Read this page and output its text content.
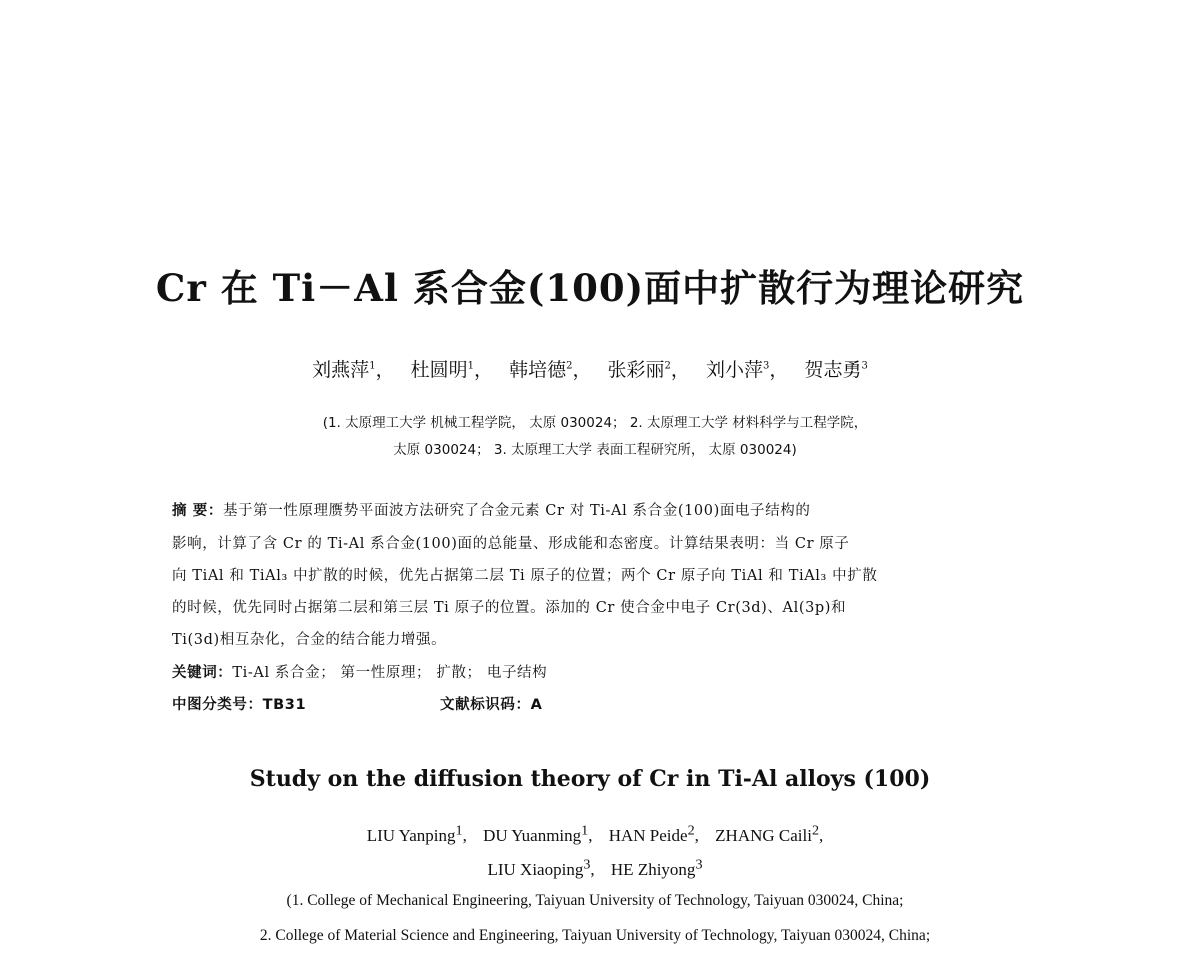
Cr 在 Ti－Al 系合金(100)面中扩散行为理论研究
刘燕萍$^1$， 杜圆明$^1$， 韩培德$^2$， 张彩丽$^2$， 刘小萍$^3$， 贺志勇$^3$
(1. 太原理工大学 机械工程学院， 太原 030024； 2. 太原理工大学 材料科学与工程学院，
太原 030024； 3. 太原理工大学 表面工程研究所， 太原 030024)
摘 要：基于第一性原理赝势平面波方法研究了合金元素 Cr 对 Ti-Al 系合金(100)面电子结构的
影响，计算了含 Cr 的 Ti-Al 系合金(100)面的总能量、形成能和态密度。计算结果表明：当 Cr 原子
向 TiAl 和 TiAl₃ 中扩散的时候，优先占据第二层 Ti 原子的位置；两个 Cr 原子向 TiAl 和 TiAl₃ 中扩散
的时候，优先同时占据第二层和第三层 Ti 原子的位置。添加的 Cr 使合金中电子 Cr(3d)、Al(3p)和
Ti(3d)相互杂化，合金的结合能力增强。
关键词：Ti-Al 系合金； 第一性原理； 扩散； 电子结构
中图分类号：TB31	文献标识码：A
Study on the diffusion theory of Cr in Ti-Al alloys (100)
LIU Yanping$^1$, DU Yuanming$^1$, HAN Peide$^2$, ZHANG Caili$^2$,
LIU Xiaoping$^3$, HE Zhiyong$^3$
(1. College of Mechanical Engineering, Taiyuan University of Technology, Taiyuan 030024, China;
2. College of Material Science and Engineering, Taiyuan University of Technology, Taiyuan 030024, China;
